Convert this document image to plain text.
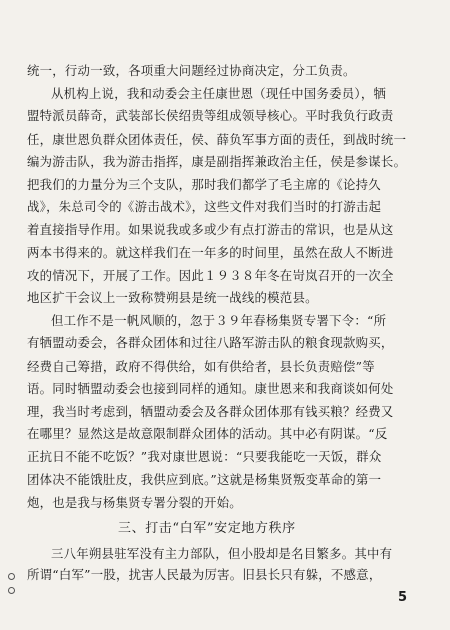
统一，行动一致，各项重大问题经过协商决定，分工负责。
从机构上说，我和动委会主任康世恩（现任中国务委员），牺
盟特派员薛奇，武装部长侯绍贵等组成领导核心。平时我负行政责
任，康世恩负群众团体责任，侯、薛负军事方面的责任，到战时统一
编为游击队，我为游击指挥，康是副指挥兼政治主任，侯是参谋长。
把我们的力量分为三个支队，那时我们都学了毛主席的《论持久
战》，朱总司令的《游击战术》，这些文件对我们当时的打游击起
着直接指导作用。如果说我或多或少有点打游击的常识，也是从这
两本书得来的。就这样我们在一年多的时间里，虽然在敌人不断进
攻的情况下，开展了工作。因此１９３８年冬在岢岚召开的一次全
地区扩干会议上一致称赞朔县是统一战线的模范县。
但工作不是一帆风顺的，忽于３９年春杨集贤专署下令：“所
有牺盟动委会，各群众团体和过往八路军游击队的粮食现款购买，
经费自己筹措，政府不得供给，如有供给者，县长负责赔偿”等
语。同时牺盟动委会也接到同样的通知。康世恩来和我商谈如何处
理，我当时考虑到，牺盟动委会及各群众团体那有钱买粮？经费又
在哪里？显然这是故意限制群众团体的活动。其中必有阴谋。“反
正抗日不能不吃饭？”我对康世恩说：“只要我能吃一天饭，群众
团体决不能饿肚皮，我供应到底。”这就是杨集贤叛变革命的第一
炮，也是我与杨集贤专署分裂的开始。
5
三、打击“白军”安定地方秩序
三八年朔县驻军没有主力部队，但小股却是名目繁多。其中有
所谓“白军”一股，扰害人民最为厉害。旧县长只有躲，不感意，
